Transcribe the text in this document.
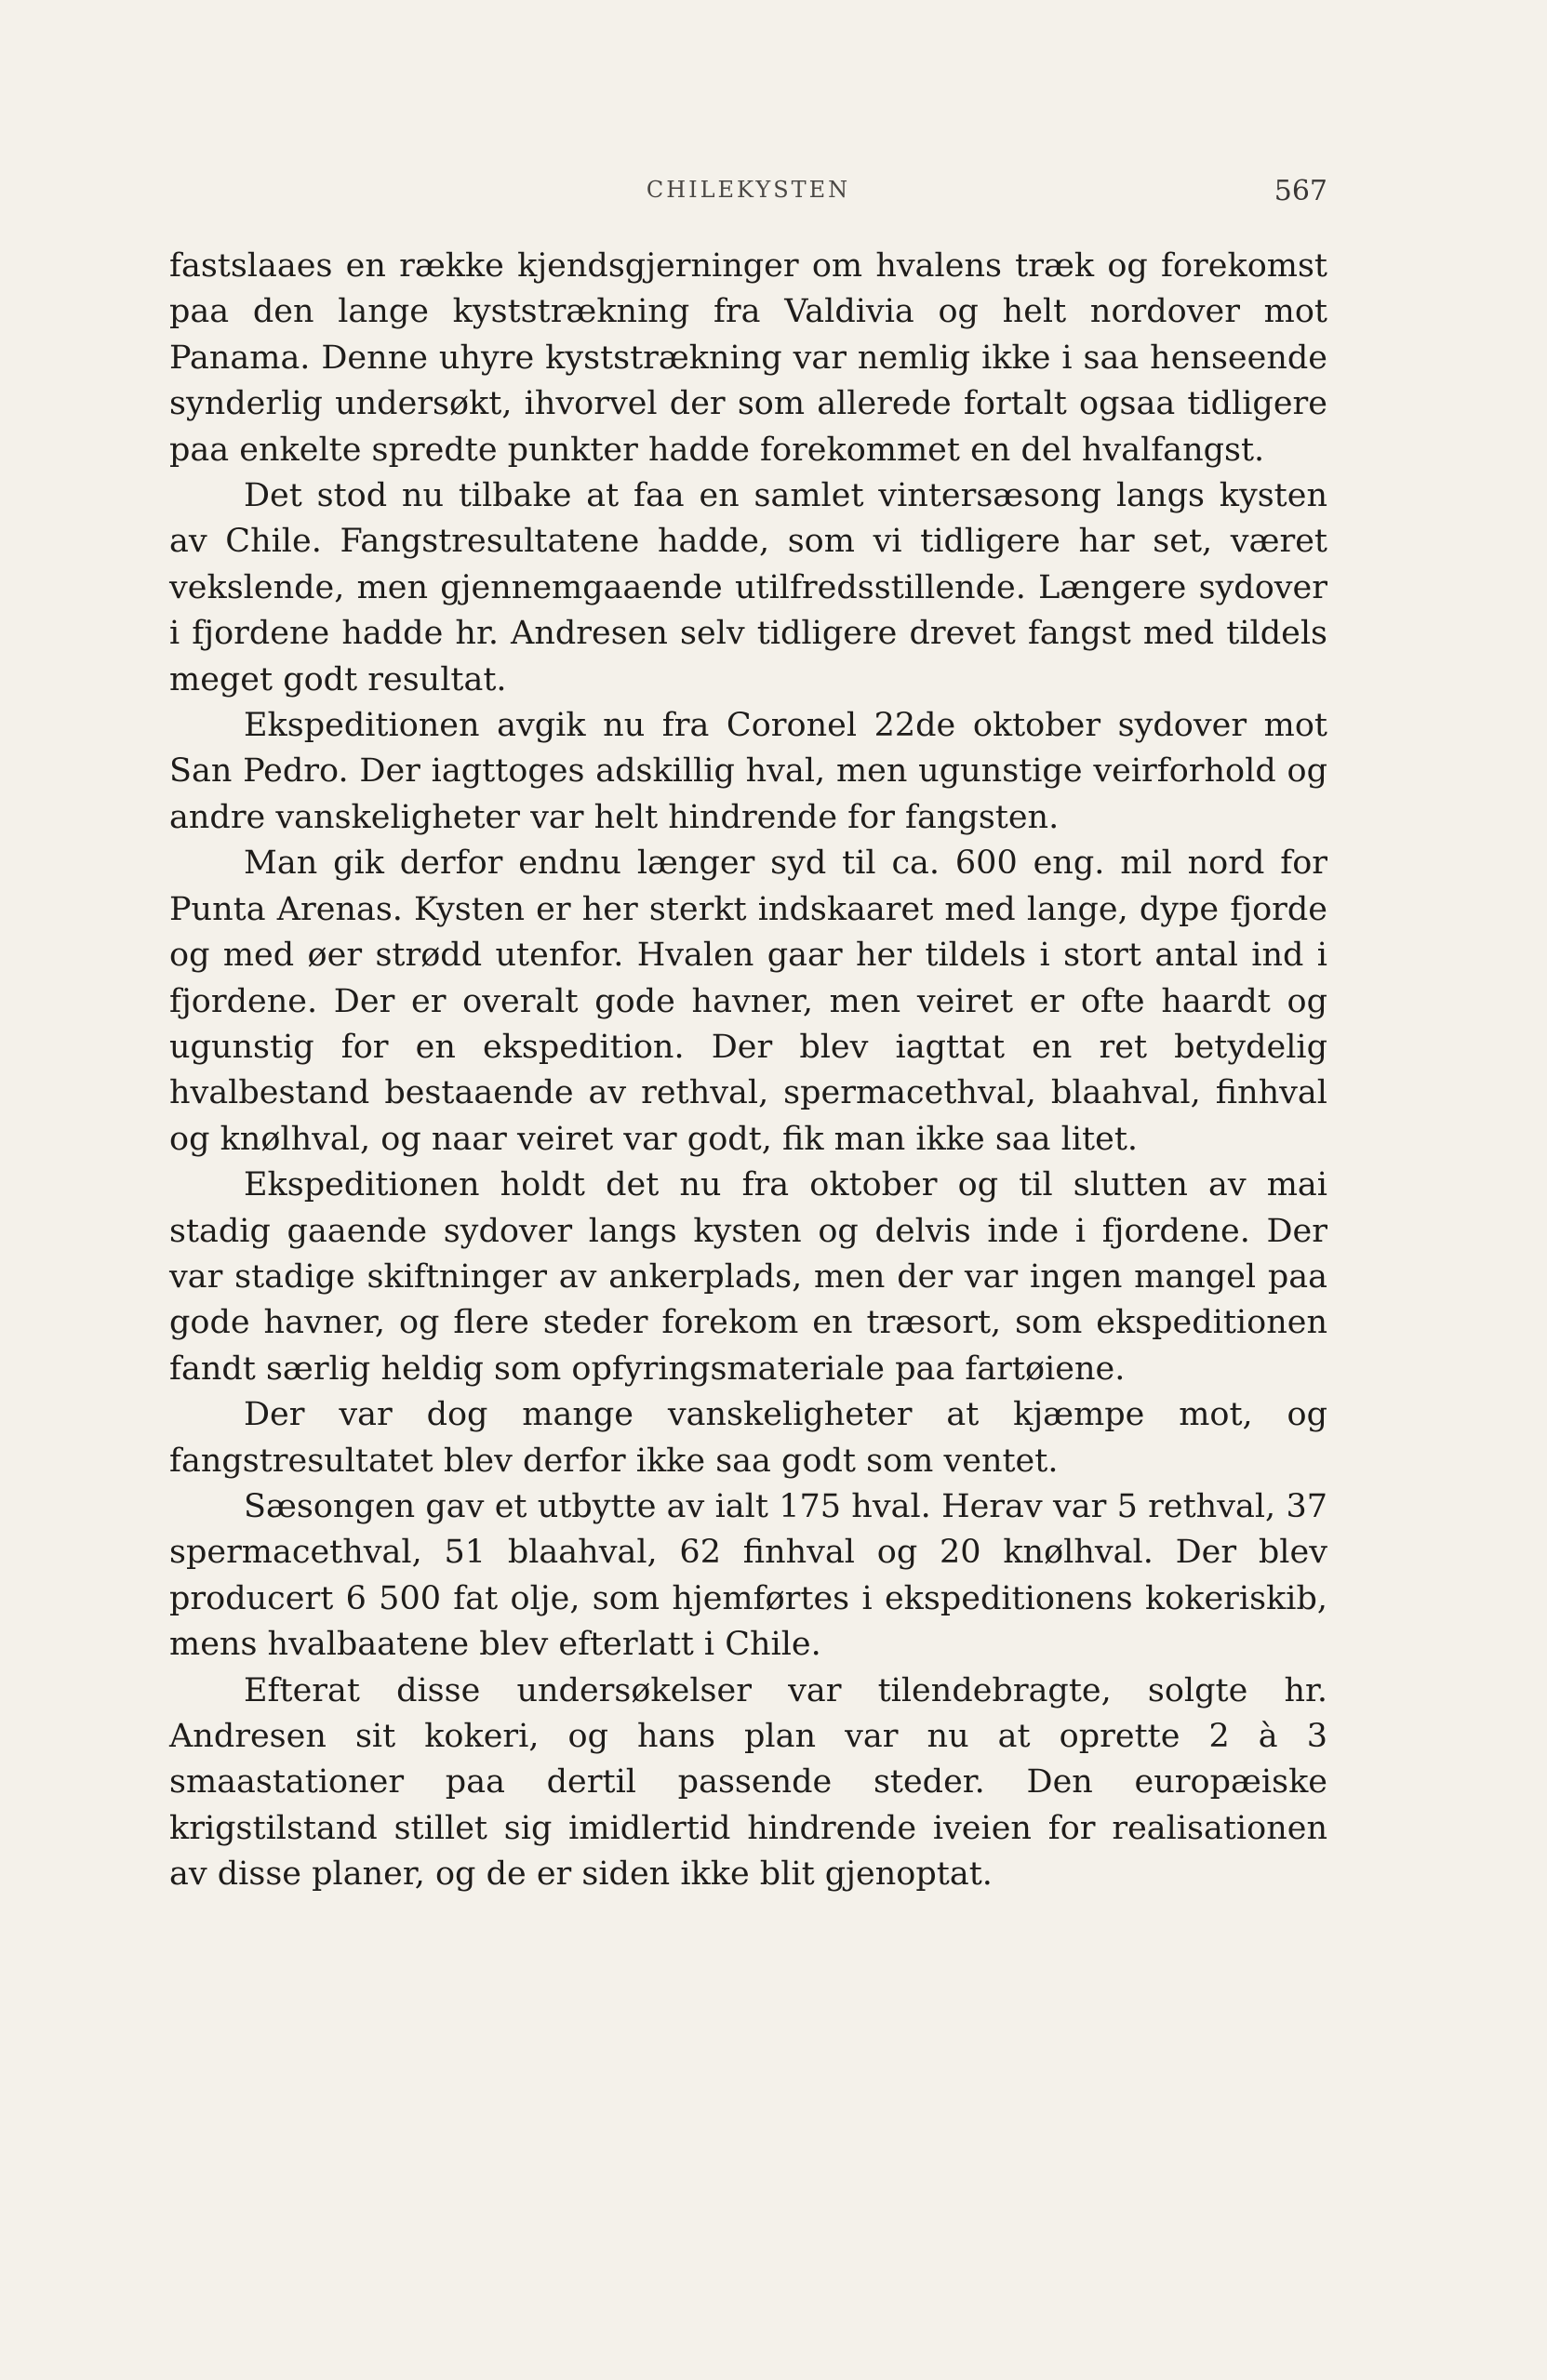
CHILEKYSTEN	567

fastslaaes en række kjendsgjerninger om hvalens træk og forekomst paa den lange kyststrækning fra Valdivia og helt nordover mot Panama. Denne uhyre kyststrækning var nemlig ikke i saa henseende synderlig undersøkt, ihvorvel der som allerede fortalt ogsaa tidligere paa enkelte spredte punkter hadde forekommet en del hvalfangst.

Det stod nu tilbake at faa en samlet vintersæsong langs kysten av Chile. Fangstresultatene hadde, som vi tidligere har set, været vekslende, men gjennemgaaende utilfredsstillende. Længere sydover i fjordene hadde hr. Andresen selv tidligere drevet fangst med tildels meget godt resultat.

Ekspeditionen avgik nu fra Coronel 22de oktober sydover mot San Pedro. Der iagttoges adskillig hval, men ugunstige veirforhold og andre vanskeligheter var helt hindrende for fangsten.

Man gik derfor endnu længer syd til ca. 600 eng. mil nord for Punta Arenas. Kysten er her sterkt indskaaret med lange, dype fjorde og med øer strødd utenfor. Hvalen gaar her tildels i stort antal ind i fjordene. Der er overalt gode havner, men veiret er ofte haardt og ugunstig for en ekspedition. Der blev iagttat en ret betydelig hvalbestand bestaaende av rethval, spermacethval, blaahval, finhval og knølhval, og naar veiret var godt, fik man ikke saa litet.

Ekspeditionen holdt det nu fra oktober og til slutten av mai stadig gaaende sydover langs kysten og delvis inde i fjordene. Der var stadige skiftninger av ankerplads, men der var ingen mangel paa gode havner, og flere steder forekom en træsort, som ekspeditionen fandt særlig heldig som opfyringsmateriale paa fartøiene.

Der var dog mange vanskeligheter at kjæmpe mot, og fangstresultatet blev derfor ikke saa godt som ventet.

Sæsongen gav et utbytte av ialt 175 hval. Herav var 5 rethval, 37 spermacethval, 51 blaahval, 62 finhval og 20 knølhval. Der blev producert 6 500 fat olje, som hjemførtes i ekspeditionens kokeriskib, mens hvalbaatene blev efterlatt i Chile.

Efterat disse undersøkelser var tilendebragte, solgte hr. Andresen sit kokeri, og hans plan var nu at oprette 2 à 3 smaastationer paa dertil passende steder. Den europæiske krigstilstand stillet sig imidlertid hindrende iveien for realisationen av disse planer, og de er siden ikke blit gjenoptat.
